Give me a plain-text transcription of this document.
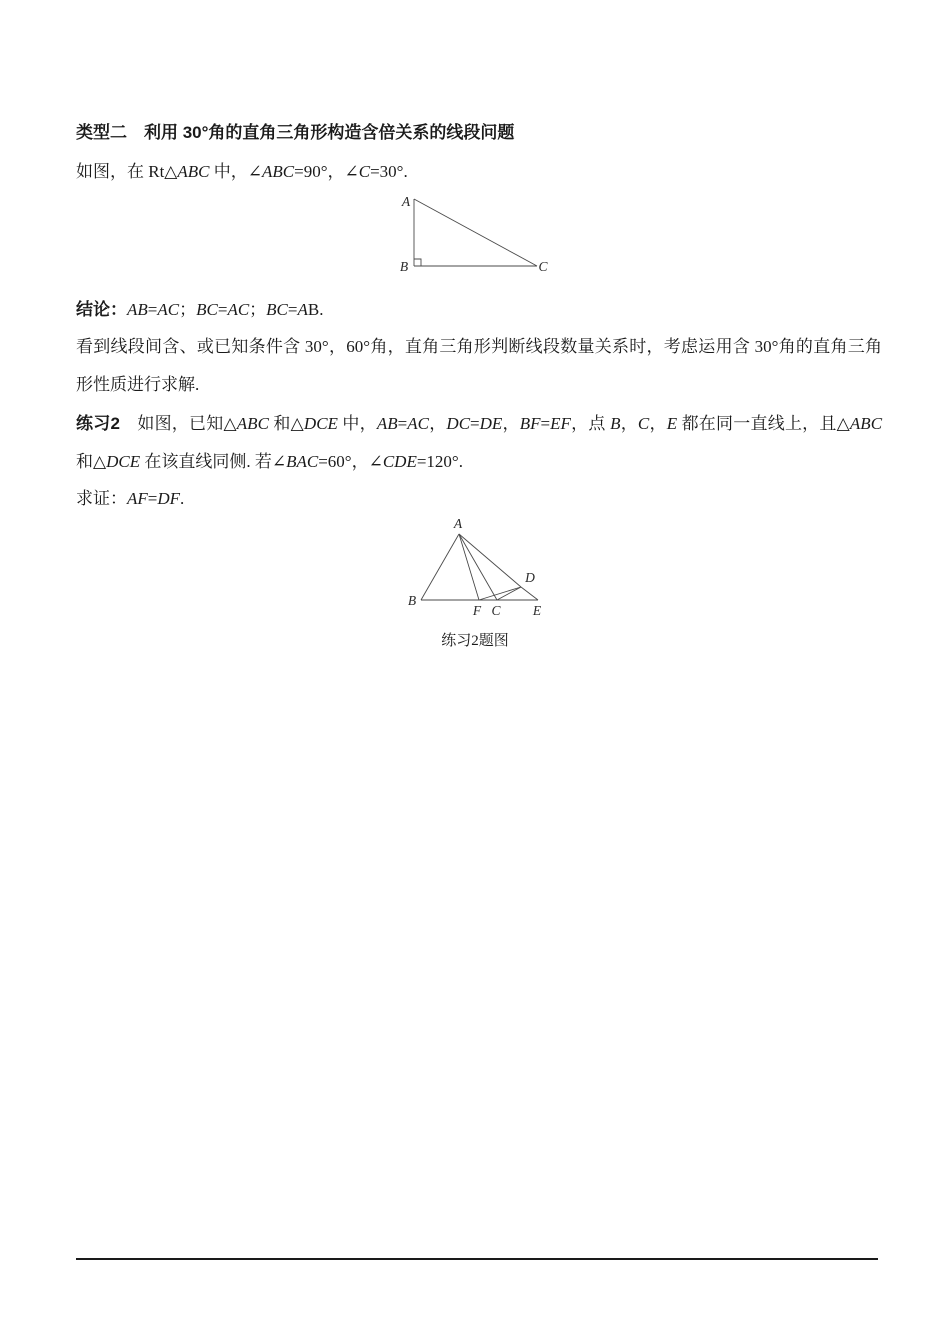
类型二　利用 30°角的直角三角形构造含倍关系的线段问题
如图，在 Rt△ABC 中，∠ABC=90°，∠C=30°.
A
B	C
结论：AB=AC；BC=AC；BC=AB.
看到线段间含、或已知条件含 30°，60°角，直角三角形判断线段数量关系时，考虑运用含 30°角的直角三角形性质进行求解.
练习2　如图，已知△ABC 和△DCE 中，AB=AC，DC=DE，BF=EF，点 B，C，E 都在同一直线上，且△ABC 和△DCE 在该直线同侧. 若∠BAC=60°，∠CDE=120°.
求证：AF=DF.
A
B
F C E
D
练习2题图
